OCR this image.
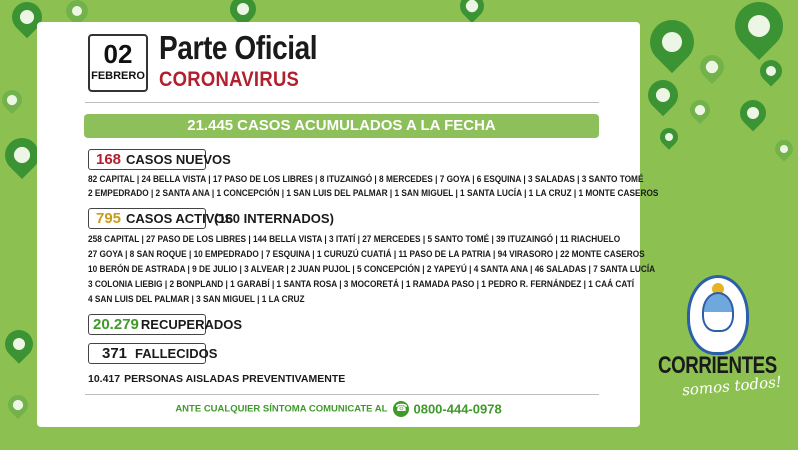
02
FEBRERO
Parte Oficial
CORONAVIRUS
21.445 CASOS ACUMULADOS A LA FECHA
168 CASOS NUEVOS
82 CAPITAL | 24 BELLA VISTA | 17 PASO DE LOS LIBRES | 8 ITUZAINGÓ | 8 MERCEDES | 7 GOYA | 6 ESQUINA | 3 SALADAS | 3 SANTO TOMÉ
2 EMPEDRADO | 2 SANTA ANA | 1 CONCEPCIÓN | 1 SAN LUIS DEL PALMAR | 1 SAN MIGUEL | 1 SANTA LUCÍA | 1 LA CRUZ | 1 MONTE CASEROS
795 CASOS ACTIVOS
(160 INTERNADOS)
258 CAPITAL | 27 PASO DE LOS LIBRES | 144 BELLA VISTA | 3 ITATÍ | 27 MERCEDES | 5 SANTO TOMÉ | 39 ITUZAINGÓ | 11 RIACHUELO
27 GOYA | 8 SAN ROQUE | 10 EMPEDRADO | 7 ESQUINA | 1 CURUZÚ CUATIÁ | 11 PASO DE LA PATRIA | 94 VIRASORO | 22 MONTE CASEROS
10 BERÓN DE ASTRADA | 9 DE JULIO | 3 ALVEAR | 2 JUAN PUJOL | 5 CONCEPCIÓN | 2 YAPEYÚ | 4 SANTA ANA | 46 SALADAS | 7 SANTA LUCÍA
3 COLONIA LIEBIG | 2 BONPLAND | 1 GARABÍ | 1 SANTA ROSA | 3 MOCORETÁ | 1 RAMADA PASO | 1 PEDRO R. FERNÁNDEZ | 1 CAÁ CATÍ
4 SAN LUIS DEL PALMAR | 3 SAN MIGUEL | 1 LA CRUZ
20.279 RECUPERADOS
371 FALLECIDOS
10.417 PERSONAS AISLADAS PREVENTIVAMENTE
ANTE CUALQUIER SÍNTOMA COMUNICATE AL ☎ 0800-444-0978
CORRIENTES
somos todos!
